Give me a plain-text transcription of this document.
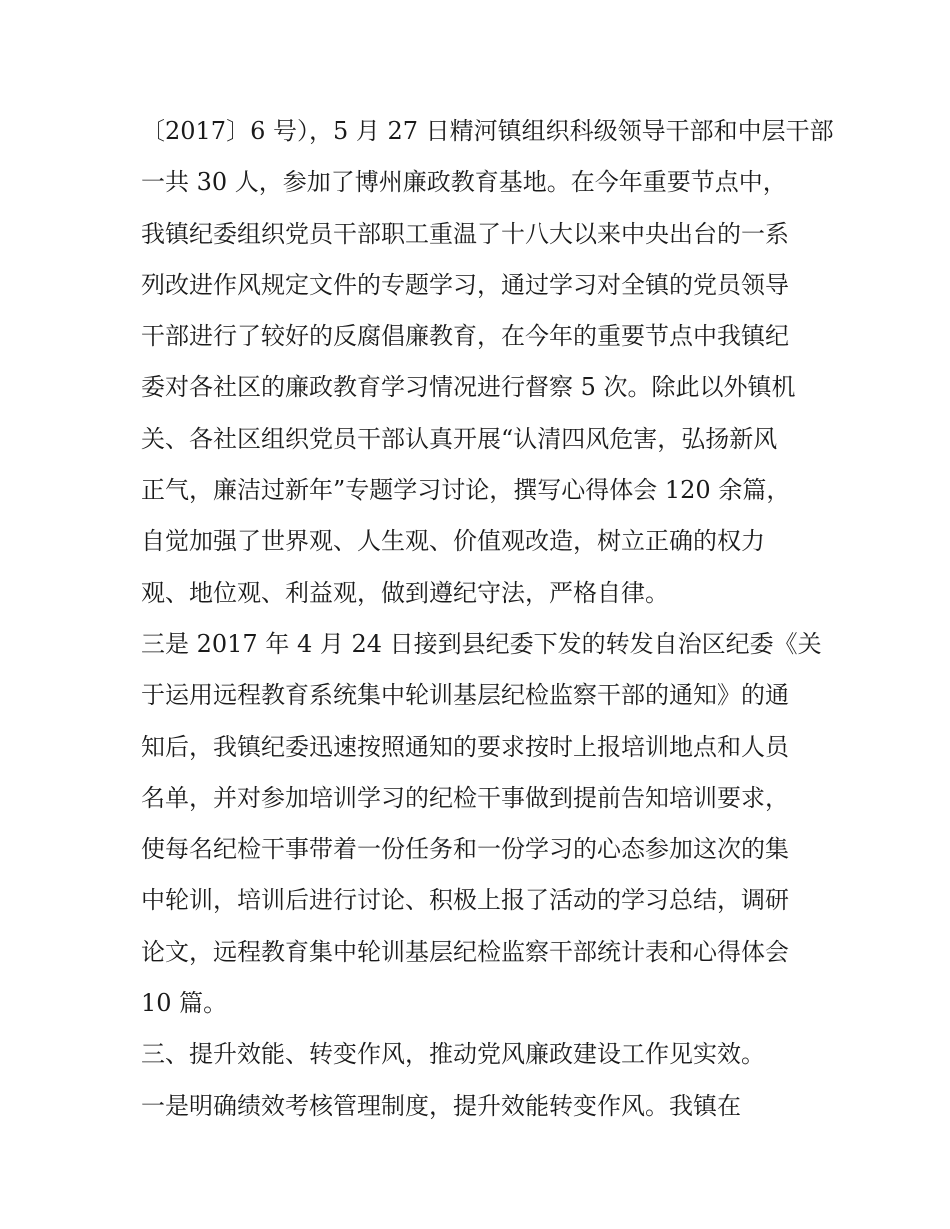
〔2017〕6 号），5 月 27 日精河镇组织科级领导干部和中层干部
一共 30 人，参加了博州廉政教育基地。在今年重要节点中，
我镇纪委组织党员干部职工重温了十八大以来中央出台的一系
列改进作风规定文件的专题学习，通过学习对全镇的党员领导
干部进行了较好的反腐倡廉教育，在今年的重要节点中我镇纪
委对各社区的廉政教育学习情况进行督察 5 次。除此以外镇机
关、各社区组织党员干部认真开展“认清四风危害，弘扬新风
正气，廉洁过新年”专题学习讨论，撰写心得体会 120 余篇，
自觉加强了世界观、人生观、价值观改造，树立正确的权力
观、地位观、利益观，做到遵纪守法，严格自律。
三是 2017 年 4 月 24 日接到县纪委下发的转发自治区纪委《关
于运用远程教育系统集中轮训基层纪检监察干部的通知》的通
知后，我镇纪委迅速按照通知的要求按时上报培训地点和人员
名单，并对参加培训学习的纪检干事做到提前告知培训要求，
使每名纪检干事带着一份任务和一份学习的心态参加这次的集
中轮训，培训后进行讨论、积极上报了活动的学习总结，调研
论文，远程教育集中轮训基层纪检监察干部统计表和心得体会
10 篇。
三、提升效能、转变作风，推动党风廉政建设工作见实效。
一是明确绩效考核管理制度，提升效能转变作风。我镇在
